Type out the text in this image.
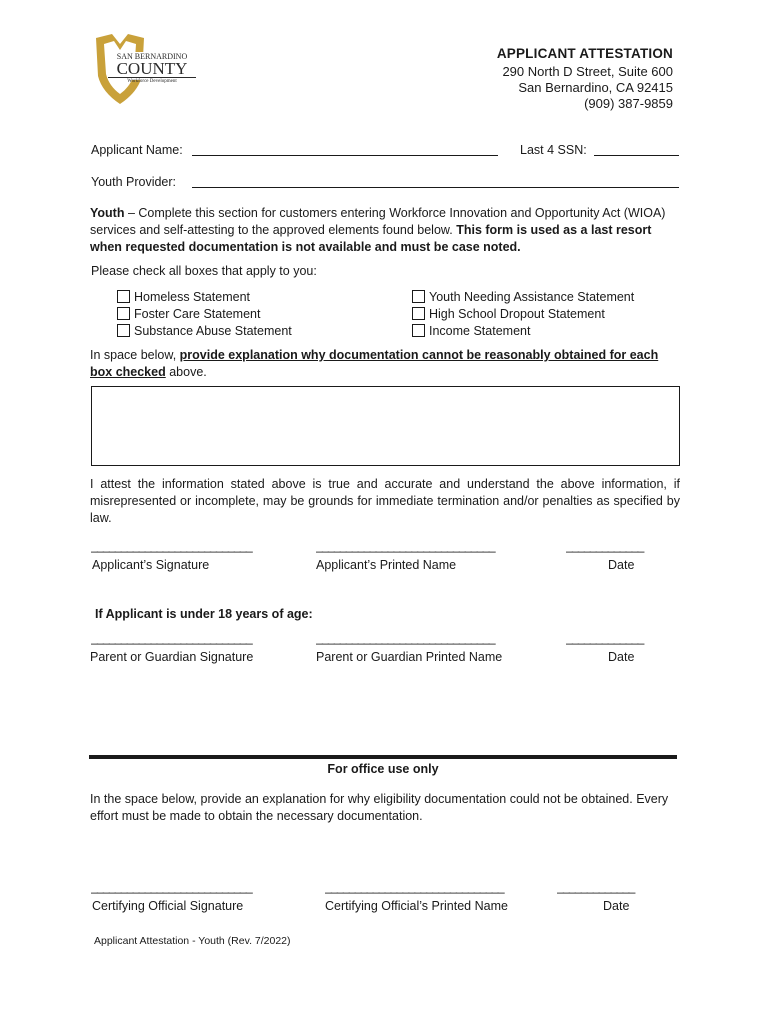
SAN BERNARDINO
COUNTY
Workforce Development
APPLICANT ATTESTATION
290 North D Street, Suite 600
San Bernardino, CA 92415
(909) 387-9859
Applicant Name:	Last 4 SSN:
Youth Provider:
Youth – Complete this section for customers entering Workforce Innovation and Opportunity Act (WIOA) services and self-attesting to the approved elements found below. This form is used as a last resort when requested documentation is not available and must be case noted.
Please check all boxes that apply to you:
Homeless Statement
Foster Care Statement
Substance Abuse Statement
Youth Needing Assistance Statement
High School Dropout Statement
Income Statement
In space below, provide explanation why documentation cannot be reasonably obtained for each box checked above.
I attest the information stated above is true and accurate and understand the above information, if misrepresented or incomplete, may be grounds for immediate termination and/or penalties as specified by law.
___________________________	______________________________	_____________
Applicant’s Signature	Applicant’s Printed Name	Date
If Applicant is under 18 years of age:
___________________________	______________________________	_____________
Parent or Guardian Signature	Parent or Guardian Printed Name	Date
For office use only
In the space below, provide an explanation for why eligibility documentation could not be obtained. Every effort must be made to obtain the necessary documentation.
___________________________	______________________________	_____________
Certifying Official Signature	Certifying Official’s Printed Name	Date
Applicant Attestation - Youth (Rev. 7/2022)
